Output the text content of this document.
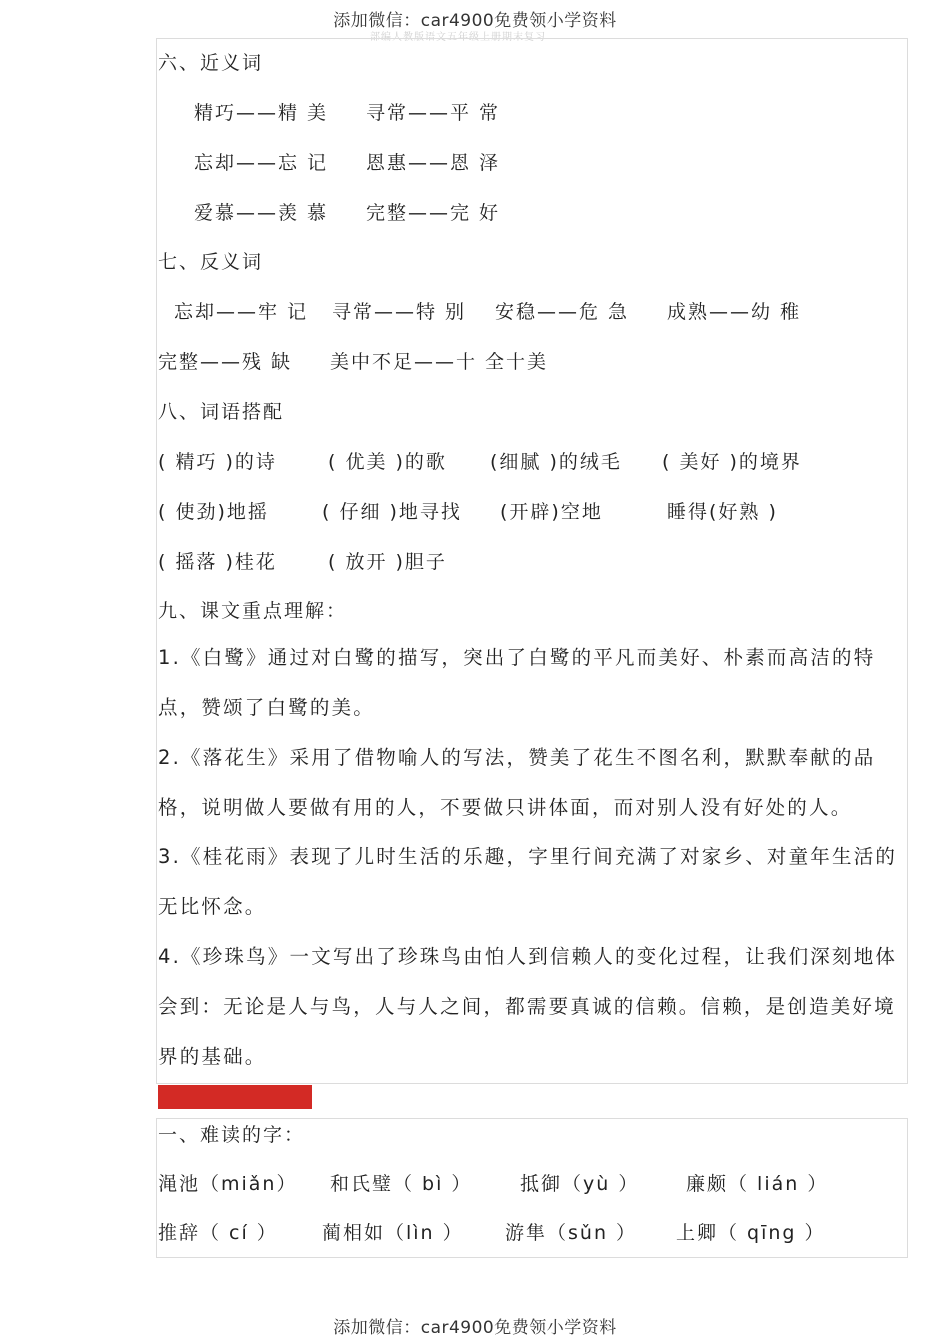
添加微信：car4900免费领小学资料
部编人教版语文五年级上册期末复习
六、近义词
精巧——精 美 寻常——平 常
忘却——忘 记 恩惠——恩 泽
爱慕——羡 慕 完整——完 好
七、反义词
忘却——牢 记 寻常——特 别 安稳——危 急 成熟——幼 稚
完整——残 缺 美中不足——十 全十美
八、词语搭配
( 精巧 )的诗	( 优美 )的歌 (细腻 )的绒毛 ( 美好 )的境界
( 使劲)地摇	( 仔细 )地寻找 (开辟)空地	睡得(好熟 )
( 摇落 )桂花	( 放开 )胆子
九、课文重点理解：
1.《白鹭》通过对白鹭的描写，突出了白鹭的平凡而美好、朴素而高洁的特点，赞颂了白鹭的美。
2.《落花生》采用了借物喻人的写法，赞美了花生不图名利，默默奉献的品格，说明做人要做有用的人，不要做只讲体面，而对别人没有好处的人。
3.《桂花雨》表现了儿时生活的乐趣，字里行间充满了对家乡、对童年生活的无比怀念。
4.《珍珠鸟》一文写出了珍珠鸟由怕人到信赖人的变化过程，让我们深刻地体会到：无论是人与鸟，人与人之间，都需要真诚的信赖。信赖，是创造美好境界的基础。
一、难读的字：
渑池（miǎn） 和氏璧（ bì ）	抵御（yù ） 廉颇（ lián ）
推辞（ cí ） 蔺相如（lìn ） 游隼（sǔn ） 上卿（ qīng ）
添加微信：car4900免费领小学资料
